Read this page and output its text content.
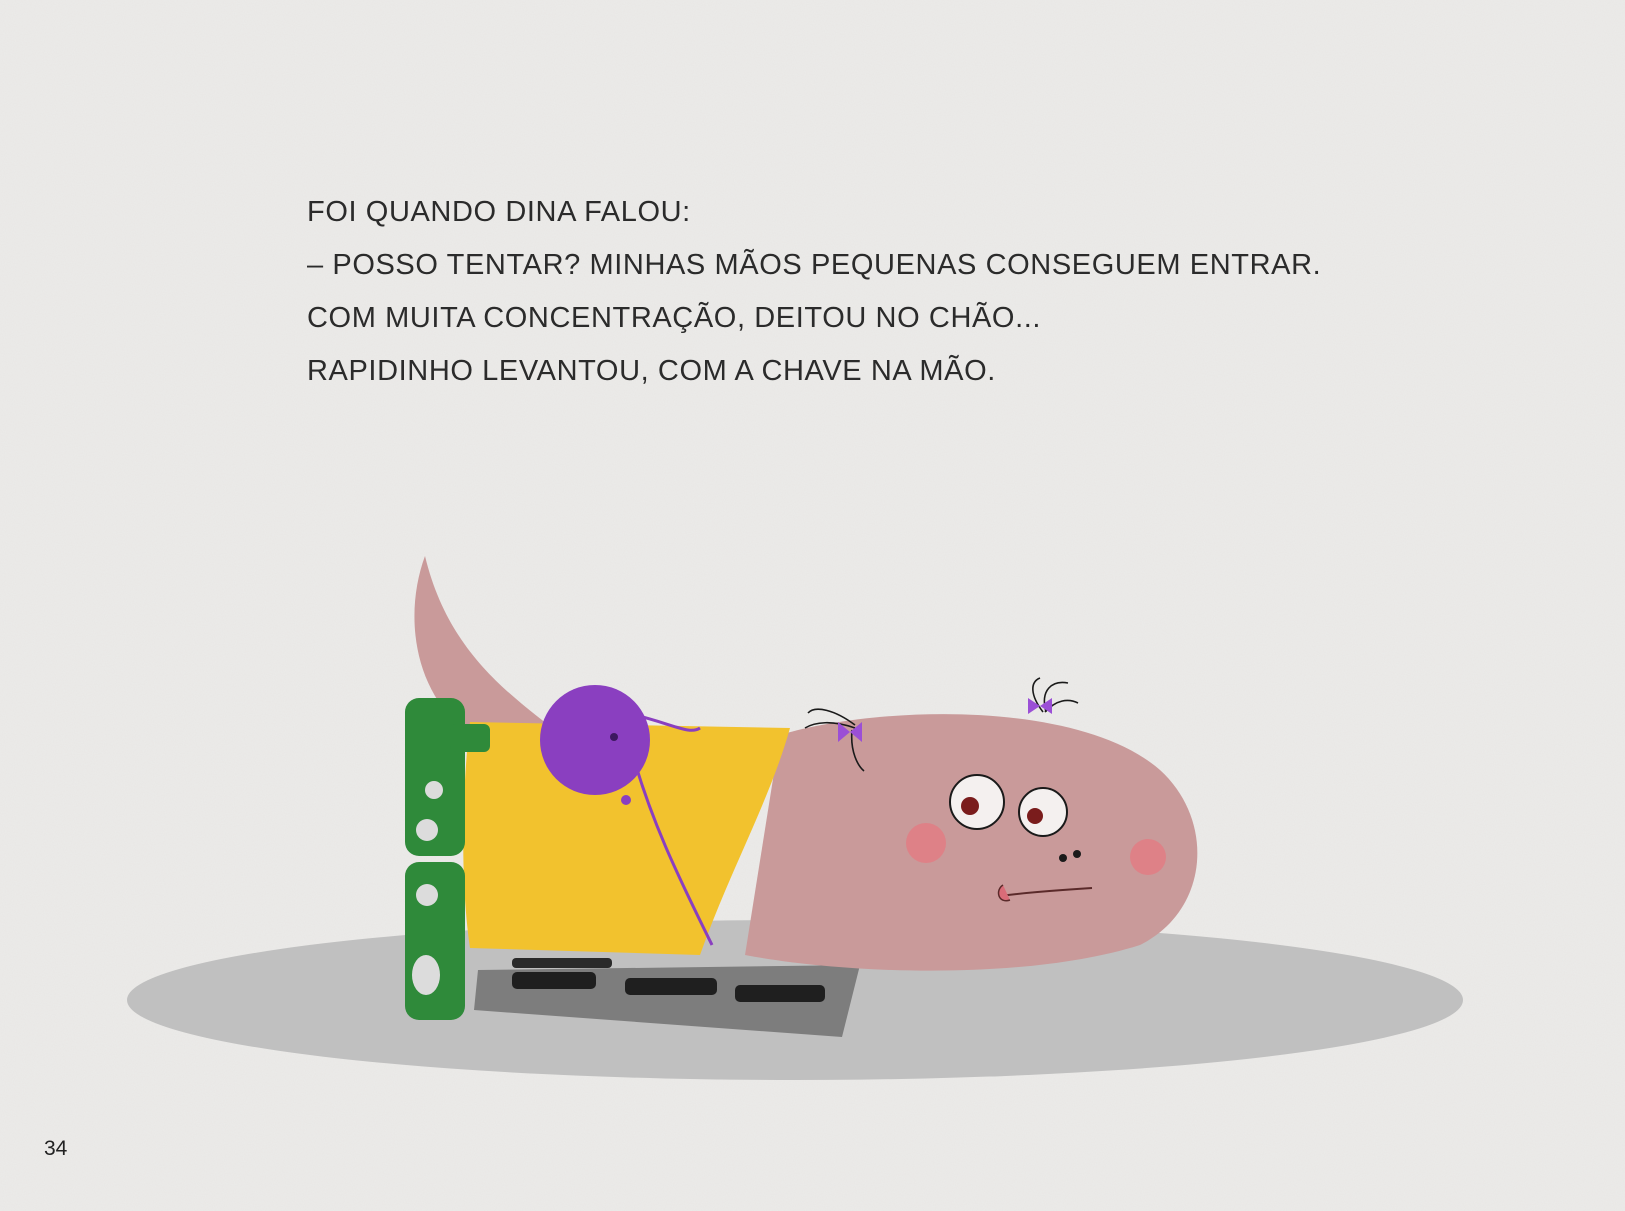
FOI QUANDO DINA FALOU:
– POSSO TENTAR? MINHAS MÃOS PEQUENAS CONSEGUEM ENTRAR.
COM MUITA CONCENTRAÇÃO, DEITOU NO CHÃO...
RAPIDINHO LEVANTOU, COM A CHAVE NA MÃO.
34
